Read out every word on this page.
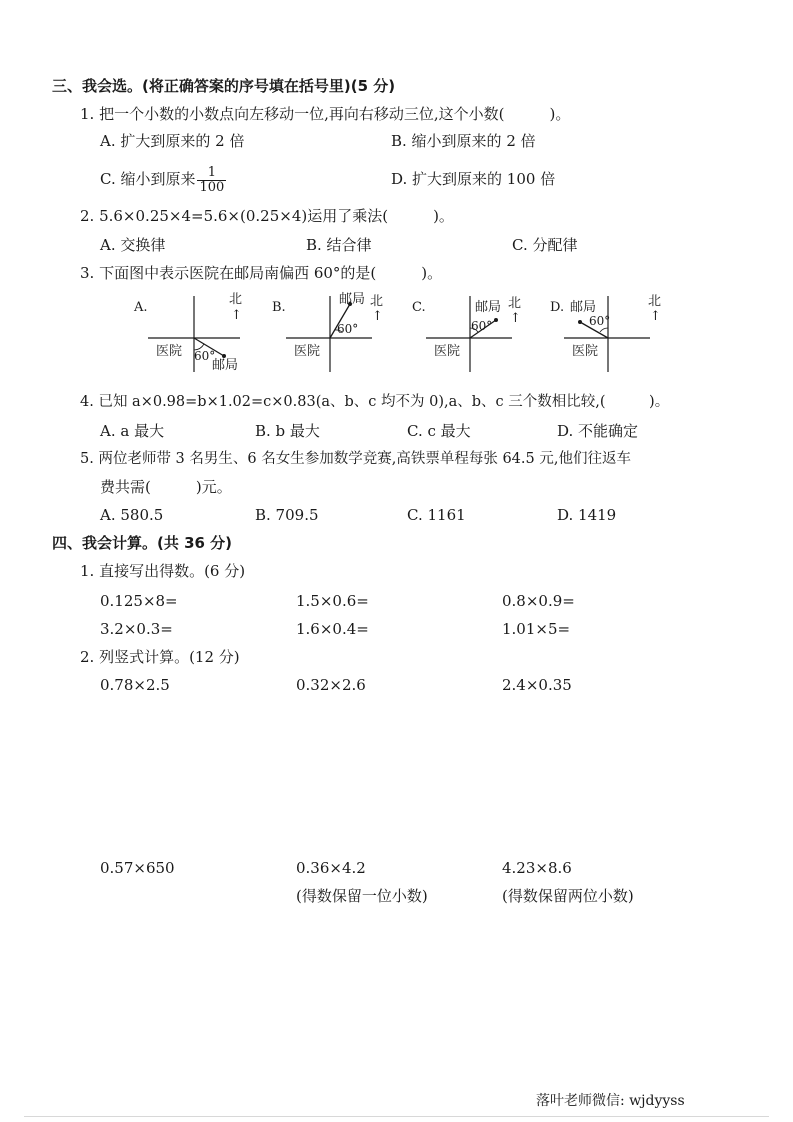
三、我会选。(将正确答案的序号填在括号里)(5 分)
1. 把一个小数的小数点向左移动一位,再向右移动三位,这个小数(　　　)。
A. 扩大到原来的 2 倍	B. 缩小到原来的 2 倍
C. 缩小到原来 $\frac{1}{100}$	D. 扩大到原来的 100 倍
2. 5.6×0.25×4=5.6×(0.25×4)运用了乘法(　　　)。
A. 交换律	B. 结合律	C. 分配律
3. 下面图中表示医院在邮局南偏西 60°的是(　　　)。
A.
北
↑
医院 60°
邮局
B.
邮局 北
↑
60°
医院
C.	邮局 北
↑
60°
医院
D. 邮局
60°
北
↑
医院
4. 已知 a×0.98=b×1.02=c×0.83(a、b、c 均不为 0),a、b、c 三个数相比较,(　　　)。
A. a 最大	B. b 最大	C. c 最大	D. 不能确定
5. 两位老师带 3 名男生、6 名女生参加数学竞赛,高铁票单程每张 64.5 元,他们往返车
费共需(　　　)元。
A. 580.5	B. 709.5	C. 1161	D. 1419
四、我会计算。(共 36 分)
1. 直接写出得数。(6 分)
0.125×8=	1.5×0.6=	0.8×0.9=
3.2×0.3=	1.6×0.4=	1.01×5=
2. 列竖式计算。(12 分)
0.78×2.5	0.32×2.6	2.4×0.35
0.57×650	0.36×4.2	4.23×8.6
(得数保留一位小数)	(得数保留两位小数)
落叶老师微信: wjdyyss
